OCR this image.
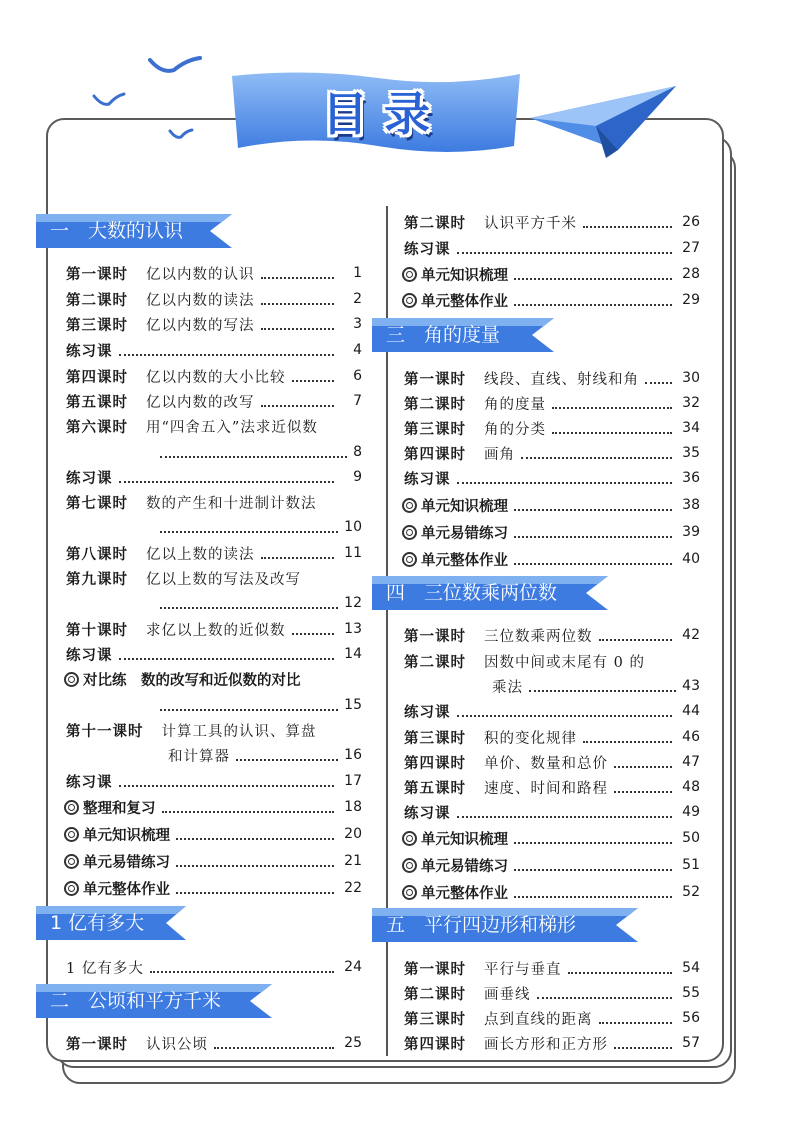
目 录
一　大数的认识
第一课时 亿以内数的认识	1
第二课时 亿以内数的读法	2
第三课时 亿以内数的写法	3
练习课	4
第四课时 亿以内数的大小比较	6
第五课时 亿以内数的改写	7
第六课时 用“四舍五入”法求近似数
8
练习课	9
第七课时 数的产生和十进制计数法
10
第八课时 亿以上数的读法	11
第九课时 亿以上数的写法及改写
12
第十课时 求亿以上数的近似数	13
练习课	14
对比练　数的改写和近似数的对比
15
第十一课时 计算工具的认识、算盘
和计算器	16
练习课	17
整理和复习	18
单元知识梳理	20
单元易错练习	21
单元整体作业	22
1 亿有多大
1 亿有多大	24
二　公顷和平方千米
第一课时 认识公顷	25
第二课时 认识平方千米	26
练习课	27
单元知识梳理	28
单元整体作业	29
三　角的度量
第一课时 线段、直线、射线和角	30
第二课时 角的度量	32
第三课时 角的分类	34
第四课时 画角	35
练习课	36
单元知识梳理	38
单元易错练习	39
单元整体作业	40
四　三位数乘两位数
第一课时 三位数乘两位数	42
第二课时 因数中间或末尾有 0 的
乘法	43
练习课	44
第三课时 积的变化规律	46
第四课时 单价、数量和总价	47
第五课时 速度、时间和路程	48
练习课	49
单元知识梳理	50
单元易错练习	51
单元整体作业	52
五　平行四边形和梯形
第一课时 平行与垂直	54
第二课时 画垂线	55
第三课时 点到直线的距离	56
第四课时 画长方形和正方形	57
